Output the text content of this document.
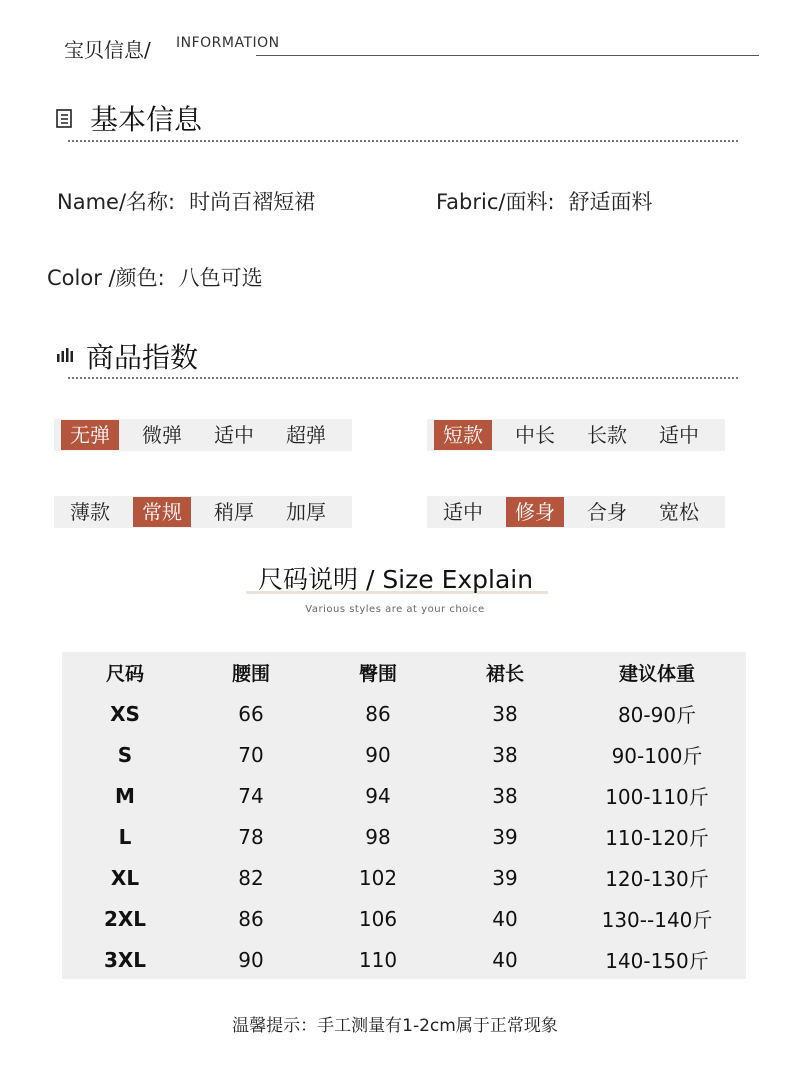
宝贝信息/ INFORMATION
基本信息
Name/名称: 时尚百褶短裙	Fabric/面料: 舒适面料
Color /颜色: 八色可选
商品指数
无弹	微弹	适中	超弹	短款	中长	长款	适中
薄款	常规	稍厚	加厚	适中	修身	合身	宽松
尺码说明 / Size Explain
Various styles are at your choice
尺码	腰围	臀围	裙长	建议体重
XS	66	86	38	80-90斤
S	70	90	38	90-100斤
M	74	94	38	100-110斤
L	78	98	39	110-120斤
XL	82	102	39	120-130斤
2XL	86	106	40	130--140斤
3XL	90	110	40	140-150斤
温馨提示：手工测量有1-2cm属于正常现象
